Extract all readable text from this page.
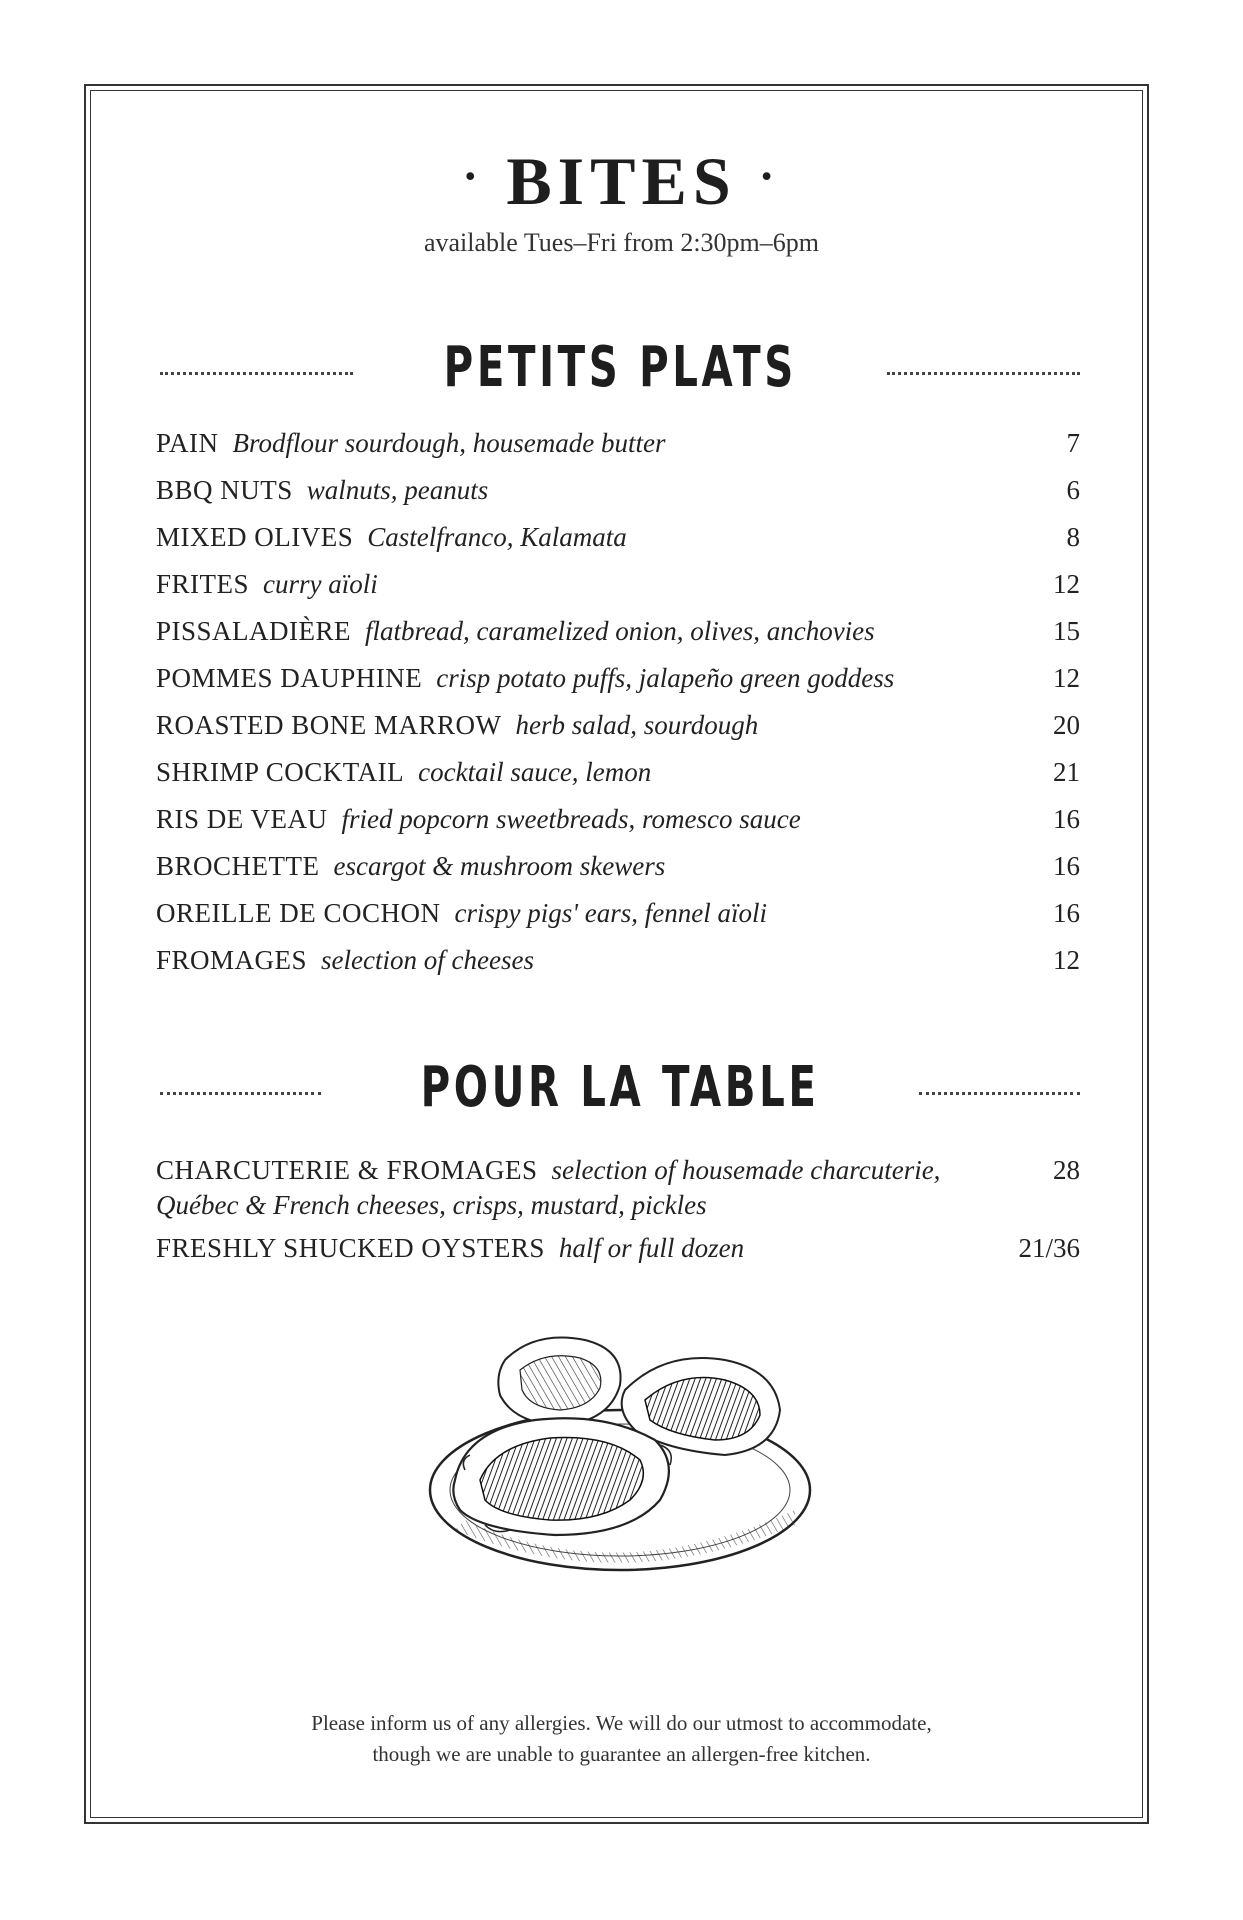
· BITES ·
available Tues–Fri from 2:30pm–6pm
PETITS PLATS
PAIN Brodflour sourdough, housemade butter	7
BBQ NUTS walnuts, peanuts	6
MIXED OLIVES Castelfranco, Kalamata	8
FRITES curry aïoli	12
PISSALADIÈRE flatbread, caramelized onion, olives, anchovies	15
POMMES DAUPHINE crisp potato puffs, jalapeño green goddess	12
ROASTED BONE MARROW herb salad, sourdough	20
SHRIMP COCKTAIL cocktail sauce, lemon	21
RIS DE VEAU fried popcorn sweetbreads, romesco sauce	16
BROCHETTE escargot & mushroom skewers	16
OREILLE DE COCHON crispy pigs' ears, fennel aïoli	16
FROMAGES selection of cheeses	12
POUR LA TABLE
CHARCUTERIE & FROMAGES selection of housemade charcuterie,	28
Québec & French cheeses, crisps, mustard, pickles
FRESHLY SHUCKED OYSTERS half or full dozen	21/36
Please inform us of any allergies. We will do our utmost to accommodate,
though we are unable to guarantee an allergen-free kitchen.
